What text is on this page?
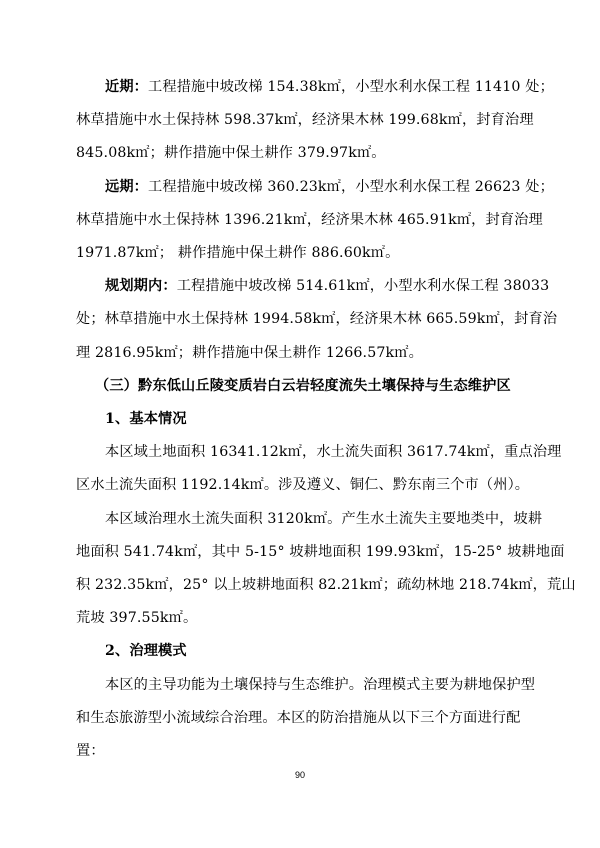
近期：工程措施中坡改梯 154.38k㎡，小型水利水保工程 11410 处；
林草措施中水土保持林 598.37k㎡，经济果木林 199.68k㎡，封育治理
845.08k㎡；耕作措施中保土耕作 379.97k㎡。
远期：工程措施中坡改梯 360.23k㎡，小型水利水保工程 26623 处；
林草措施中水土保持林 1396.21k㎡，经济果木林 465.91k㎡，封育治理
1971.87k㎡； 耕作措施中保土耕作 886.60k㎡。
规划期内：工程措施中坡改梯 514.61k㎡，小型水利水保工程 38033
处；林草措施中水土保持林 1994.58k㎡，经济果木林 665.59k㎡，封育治
理 2816.95k㎡；耕作措施中保土耕作 1266.57k㎡。
（三）黔东低山丘陵变质岩白云岩轻度流失土壤保持与生态维护区
1、基本情况
本区域土地面积 16341.12k㎡，水土流失面积 3617.74k㎡，重点治理
区水土流失面积 1192.14k㎡。涉及遵义、铜仁、黔东南三个市（州）。
本区域治理水土流失面积 3120k㎡。产生水土流失主要地类中，坡耕
地面积 541.74k㎡，其中 5-15° 坡耕地面积 199.93k㎡，15-25° 坡耕地面
积 232.35k㎡，25° 以上坡耕地面积 82.21k㎡；疏幼林地 218.74k㎡，荒山
荒坡 397.55k㎡。
2、治理模式
本区的主导功能为土壤保持与生态维护。治理模式主要为耕地保护型
和生态旅游型小流域综合治理。本区的防治措施从以下三个方面进行配
置：
90
